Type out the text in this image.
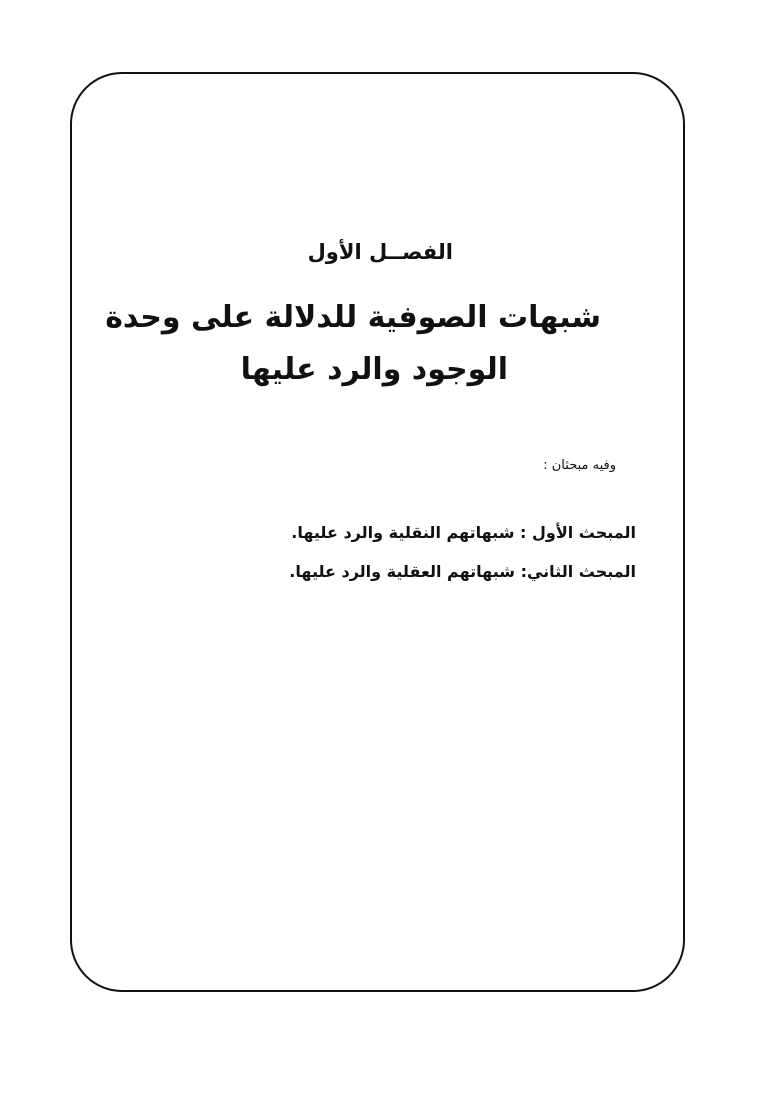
الفصــل الأول
شبهات الصوفية للدلالة على وحدة
الوجود والرد عليها
وفيه مبحثان :
المبحث الأول : شبهاتهم النقلية والرد عليها.
المبحث الثاني: شبهاتهم العقلية والرد عليها.
